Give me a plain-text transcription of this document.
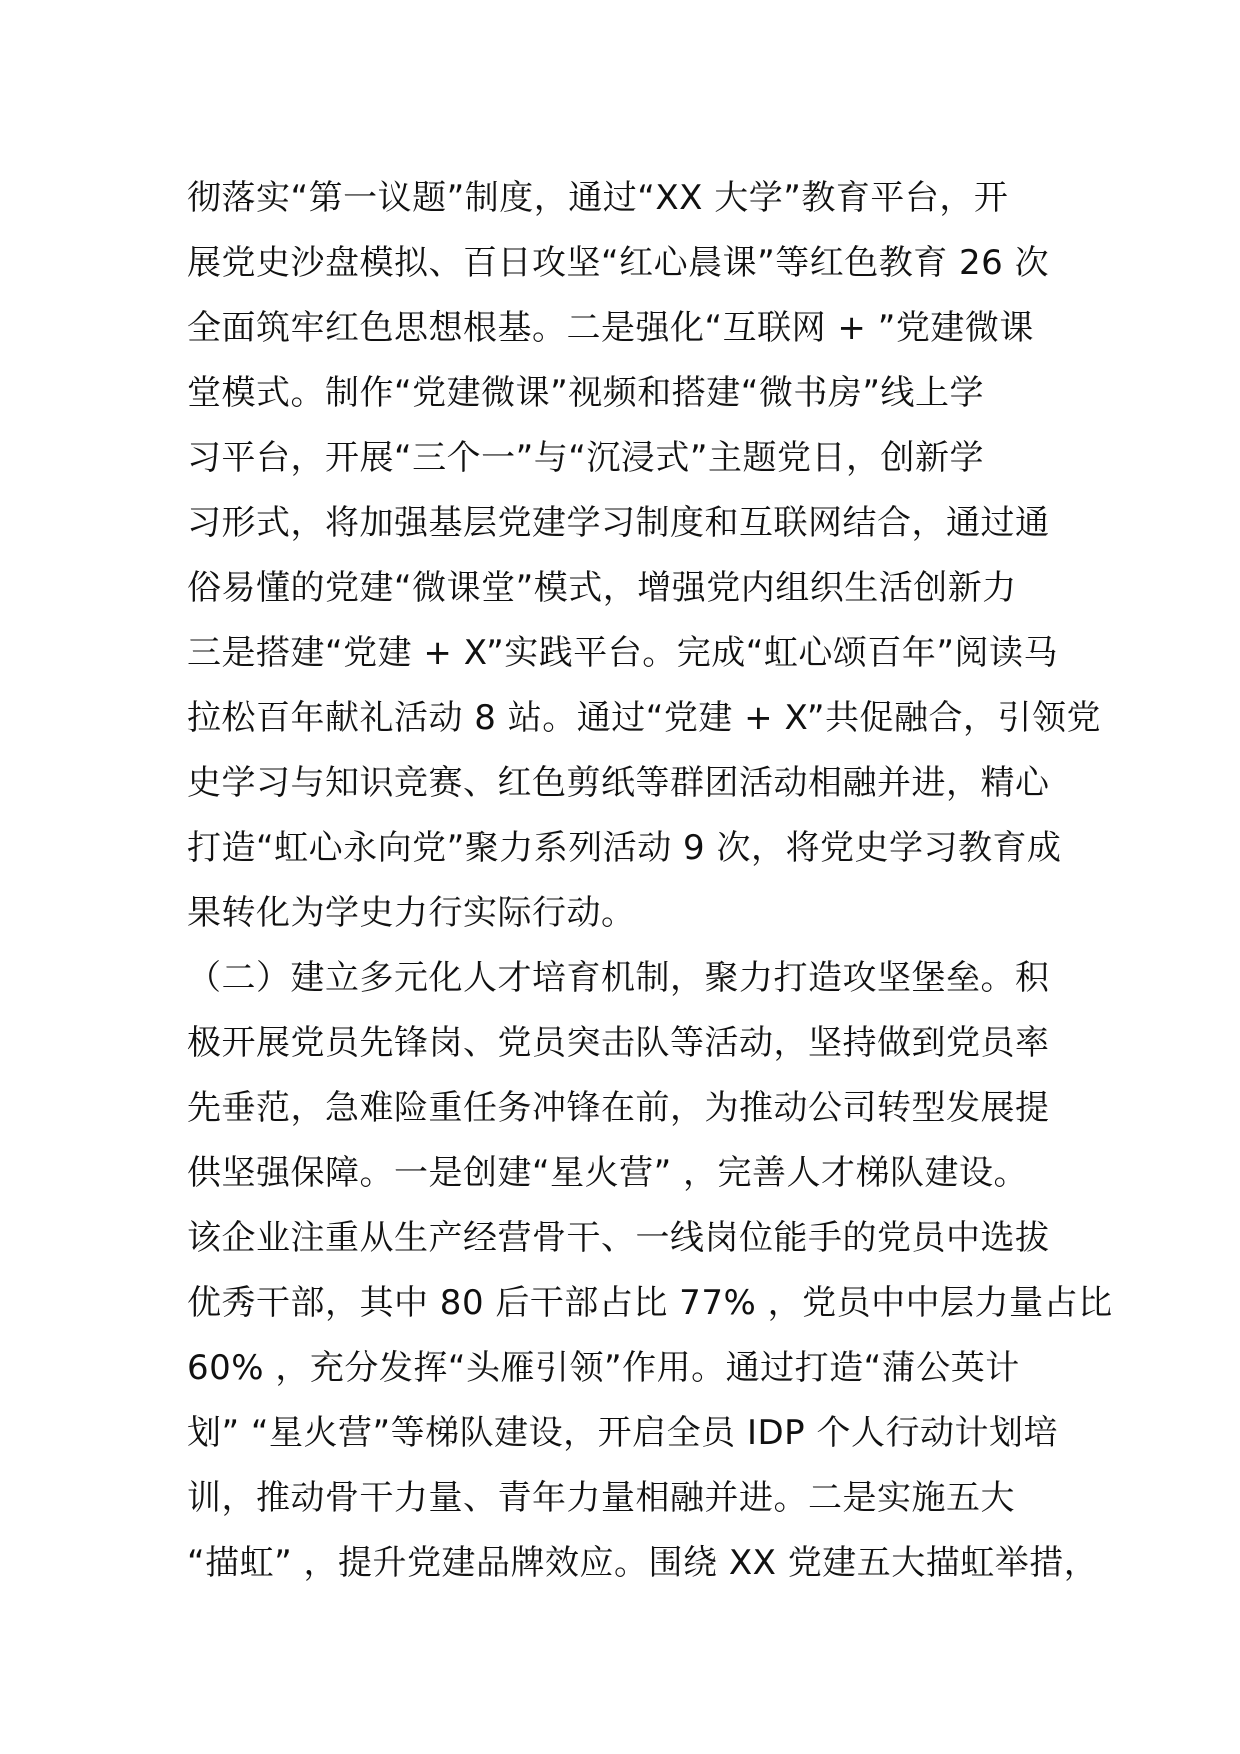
彻落实“第一议题”制度，通过“XX 大学”教育平台，开
展党史沙盘模拟、百日攻坚“红心晨课”等红色教育 26 次
全面筑牢红色思想根基。二是强化“互联网 + ”党建微课
堂模式。制作“党建微课”视频和搭建“微书房”线上学
习平台，开展“三个一”与“沉浸式”主题党日，创新学
习形式，将加强基层党建学习制度和互联网结合，通过通
俗易懂的党建“微课堂”模式，增强党内组织生活创新力
三是搭建“党建 + X”实践平台。完成“虹心颂百年”阅读马
拉松百年献礼活动 8 站。通过“党建 + X”共促融合，引领党
史学习与知识竞赛、红色剪纸等群团活动相融并进，精心
打造“虹心永向党”聚力系列活动 9 次，将党史学习教育成
果转化为学史力行实际行动。
（二）建立多元化人才培育机制，聚力打造攻坚堡垒。积
极开展党员先锋岗、党员突击队等活动，坚持做到党员率
先垂范，急难险重任务冲锋在前，为推动公司转型发展提
供坚强保障。一是创建“星火营” ，完善人才梯队建设。
该企业注重从生产经营骨干、一线岗位能手的党员中选拔
优秀干部，其中 80 后干部占比 77% ，党员中中层力量占比
60% ，充分发挥“头雁引领”作用。通过打造“蒲公英计
划” “星火营”等梯队建设，开启全员 IDP 个人行动计划培
训，推动骨干力量、青年力量相融并进。二是实施五大
“描虹” ，提升党建品牌效应。围绕 XX 党建五大描虹举措，
